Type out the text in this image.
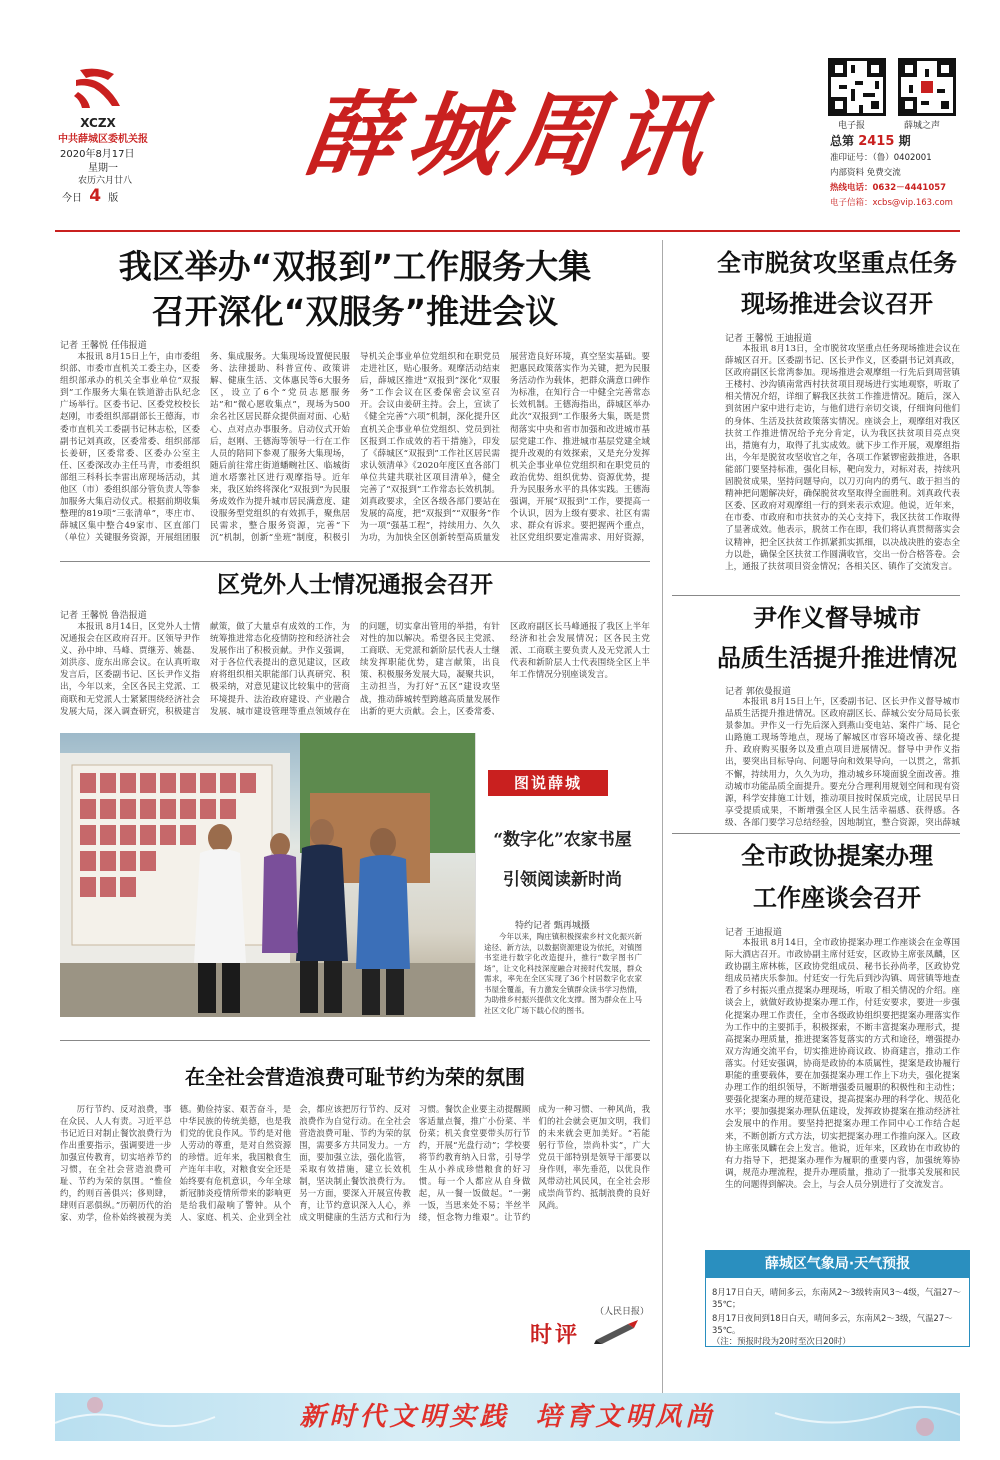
XCZX
中共薛城区委机关报
2020年8月17日
星期一
农历六月廿八
今日 4 版
薛城周讯	电子报	薛城之声
总第 2415 期
准印证号：（鲁）0402001
内部资料 免费交流
热线电话：0632－4441057
电子信箱：xcbs@vip.163.com
我区举办“双报到”工作服务大集
召开深化“双服务”推进会议
记者 王馨悦 任伟报道

本报讯 8月15日上午，由市委组织部、市委市直机关工委主办，区委组织部承办的机关全事业单位“双报到”工作服务大集在铁道游击队纪念广场举行。区委书记、区委党校校长赵刚，市委组织部副部长王德海，市委市直机关工委副书记林志松，区委副书记刘真政，区委常委、组织部部长姜研，区委常委、区委办公室主任、区委深改办主任马青，市委组织部组三科科长李雷出席现场活动，其他区（市）委组织部分管负责人等参加服务大集启动仪式。根据前期收集整理的819项“三张清单”，枣庄市、薛城区集中整合49家市、区直部门（单位）关键服务资源，开展组团服务、集成服务。大集现场设置便民服务、法律援助、科普宣传、政策讲解、健康生活、文体惠民等6大服务区，设立了6个“党员志愿服务站”和“微心愿收集点”，现场为500余名社区居民群众提供面对面、心贴心、点对点办事服务。启动仪式开始后，赵刚、王德海等领导一行在工作人员的陪同下参观了服务大集现场，随后前往常庄街道蟠畹社区、临城街道水塔寨社区进行观摩指导。近年来，我区始终将深化“双报到”为民服务成效作为提升城市居民满意度、建设服务型党组织的有效抓手，聚焦居民需求，整合服务资源，完善“下沉”机制，创新“坐班”制度，积极引导机关企事业单位党组织和在职党员走进社区，贴心服务。观摩活动结束后，薛城区推进“双报到”深化“双服务”工作会议在区委保密会议室召开。会议由姜研主持。会上，宣读了《健全完善“六项”机制，深化提升区直机关企事业单位党组织、党员到社区报到工作成效的若干措施》，印发了《薛城区“双报到”工作社区居民需求认领清单》《2020年度区直各部门单位共建共联社区项目清单》，健全完善了“双报到”工作常态长效机制。刘真政要求，全区各级各部门要站在发展的高度，把“双报到”“双服务”作为一项“强基工程”，持续用力、久久为功，为加快全区创新转型高质量发展营造良好环境，真空坚实基础。要把惠民政策落实作为关键，把为民服务活动作为载体，把群众满意口碑作为标准，在知行合一中健全完善常态长效机制。王德海指出，薛城区举办此次“双报到”工作服务大集，既是贯彻落实中央和省市加强和改进城市基层党建工作、推进城市基层党建全域提升改观的有效探索，又是充分发挥机关企事业单位党组织和在职党员的政治优势、组织优势、资源优势，提升为民服务水平的具体实践。王德海强调，开展“双报到”工作，要提高一个认识，因为上级有要求、社区有需求、群众有诉求。要把握两个重点，社区党组织要定准需求、用好资源，

区党外人士情况通报会召开
记者 王馨悦 鲁浩报道

本报讯 8月14日，区党外人士情况通报会在区政府召开。区领导尹作义、孙中坤、马峰、贾继芳、姚磊、刘洪彦、庞东出席会议。在认真听取发言后，区委副书记、区长尹作义指出，今年以来，全区各民主党派、工商联和无党派人士紧紧围绕经济社会发展大局，深入调查研究，积极建言献策，做了大量卓有成效的工作，为统筹推进常态化疫情防控和经济社会发展作出了积极贡献。尹作义强调，对于各位代表提出的意见建议，区政府将组织相关职能部门认真研究、积极采纳，对意见建议比较集中的营商环境提升、法治政府建设、产业融合发展、城市建设管理等重点领域存在的问题，切实拿出管用的举措，有针对性的加以解决。希望各民主党派、工商联、无党派和新阶层代表人士继续发挥职能优势，建言献策，出良策、积极服务发展大局，凝聚共识，主动担当，为打好“五区”建设攻坚战，推动薛城转型跨越高质量发展作出新的更大贡献。会上，区委常委、区政府副区长马峰通报了我区上半年经济和社会发展情况；区各民主党派、工商联主要负责人及无党派人士代表和新阶层人士代表围绕全区上半年工作情况分别座谈发言。

图说薛城
“数字化”农家书屋
引领阅读新时尚
特约记者 甄再城摄

今年以来，陶庄镇积极探索乡村文化振兴新途径、新方法，以数据资源建设为依托，对镇图书室进行数字化改造提升，推行“数字图书广场”，让文化科技深度融合对接时代发展，群众需求，率先在全区实现了36个村居数字化农家书屋全覆盖，有力激发全镇群众读书学习热情，为助推乡村振兴提供文化支撑。图为群众在上马社区文化广场下载心仪的图书。

在全社会营造浪费可耻节约为荣的氛围

厉行节约、反对浪费，事在众民、人人有责。习近平总书记近日对制止餐饮浪费行为作出重要指示，强调要进一步加强宣传教育，切实培养节约习惯，在全社会营造浪费可耻、节约为荣的氛围。“惟俭约，约则百善俱兴；侈则肆，肆则百恶俱纵。”历朝历代的治家、劝学，俭朴始终被视为美德。勤俭持家、艰苦奋斗，是中华民族的传统美德，也是我们党的优良作风。节约是对他人劳动的尊重，是对自然资源的珍惜。近年来，我国粮食生产连年丰收，对粮食安全还是始终要有危机意识，今年全球新冠肺炎疫情所带来的影响更是给我们敲响了警钟。从个人、家庭、机关、企业到全社会，都应该把厉行节约、反对浪费作为自觉行动。在全社会营造浪费可耻、节约为荣的氛围，需要多方共同发力。一方面，要加强立法，强化监管，采取有效措施，建立长效机制，坚决制止餐饮浪费行为。另一方面，要深入开展宣传教育，让节约意识深入人心，养成文明健康的生活方式和行为习惯。餐饮企业要主动提醒顾客适量点餐，推广小份菜、半份菜；机关食堂要带头厉行节约，开展“光盘行动”；学校要将节约教育纳入日常，引导学生从小养成珍惜粮食的好习惯。每一个人都应从自身做起，从一餐一饭做起。“一粥一饭，当思来处不易；半丝半缕，恒念物力维艰”。让节约成为一种习惯、一种风尚，我们的社会就会更加文明，我们的未来就会更加美好。“若能躬行节俭，崇尚朴实”，广大党员干部特别是领导干部要以身作则，率先垂范，以优良作风带动社风民风，在全社会形成崇尚节约、抵制浪费的良好风尚。

（人民日报）
时评
全市脱贫攻坚重点任务
现场推进会议召开
记者 王馨悦 王迪报道

本报讯 8月13日，全市脱贫攻坚重点任务现场推进会议在薛城区召开。区委副书记、区长尹作义，区委副书记刘真政，区政府副区长常湾参加。现场推进会观摩组一行先后到周营镇王楼村、沙沟镇南常西村扶贫项目现场进行实地观察，听取了相关情况介绍，详细了解我区扶贫工作推进情况。随后，深入到贫困户家中进行走访，与他们进行亲切交谈，仔细询问他们的身体、生活及扶贫政策落实情况。座谈会上，观摩组对我区扶贫工作推进情况给予充分肯定，认为我区扶贫项目亮点突出，措施有力，取得了扎实成效。就下步工作开展，观摩组指出，今年是脱贫攻坚收官之年，各项工作紧锣密鼓推进，各职能部门要坚持标准，强化目标，靶向发力，对标对表，持续巩固脱贫成果，坚持问题导向，以刀刃向内的勇气、敢于担当的精神把问题解决好，确保脱贫攻坚取得全面胜利。刘真政代表区委、区政府对观摩组一行的到来表示欢迎。他说，近年来，在市委、市政府和市扶贫办的关心支持下，我区扶贫工作取得了显著成效。他表示，脱贫工作在即，我们将认真贯彻落实会议精神，把全区扶贫工作抓紧抓实抓细，以决战决胜的姿态全力以赴，确保全区扶贫工作圆满收官，交出一份合格答卷。会上，通报了扶贫项目资金情况；各相关区、镇作了交流发言。

尹作义督导城市
品质生活提升推进情况
记者 郭依曼报道

本报讯 8月15日上午，区委副书记、区长尹作义督导城市品质生活提升推进情况。区政府副区长、薛城公安分局局长张景参加。尹作义一行先后深入到燕山变电站、案件广场、昆仑山路施工现场等地点，现场了解城区市容环境改善、绿化提升、政府购买服务以及重点项目进展情况。督导中尹作义指出，要突出目标导向、问题导向和效果导向，一以贯之，常抓不懈，持续用力，久久为功，推动城乡环境面貌全面改善。推动城市功能品质全面提升。要充分合理利用规划空间和现有资源，科学安排施工计划，推动项目按时保质完成，让居民早日享受提质成果，不断增强全区人民生活幸福感、获得感。各级、各部门要学习总结经验，因地制宜，整合资源，突出薛城

全市政协提案办理
工作座谈会召开
记者 王迪报道

本报讯 8月14日，全市政协提案办理工作座谈会在金尊国际大酒店召开。市政协副主席付廷安，区政协主席张凤麟，区政协副主席林栋，区政协党组成员、秘书长孙尚孝，区政协党组成员褚庆乐参加。付廷安一行先后到沙沟镇、周营镇等地查看了乡村振兴重点提案办理现场，听取了相关情况的介绍。座谈会上，就做好政协提案办理工作，付廷安要求，要进一步强化提案办理工作责任，全市各级政协组织要把提案办理落实作为工作中的主要抓手，积极探索，不断丰富提案办理形式，提高提案办理质量，推进提案答复落实的方式和途径，增强提办双方沟通交流平台，切实推进协商议政、协商建言，推动工作落实。付廷安强调，协商是政协的本质属性，提案是政协履行职能的重要载体，要在加强提案办理工作上下功夫，强化提案办理工作的组织领导，不断增强委员履职的积极性和主动性；要强化提案办理的规范建设，提高提案办理的科学化、规范化水平；要加强提案办理队伍建设，发挥政协提案在推动经济社会发展中的作用。要坚持把提案办理工作同中心工作结合起来，不断创新方式方法，切实把提案办理工作推向深入。区政协主席张凤麟在会上发言。他说，近年来，区政协在市政协的有力指导下，把提案办理作为履职的重要内容，加强统筹协调，规范办理流程，提升办理质量，推动了一批事关发展和民生的问题得到解决。会上，与会人员分别进行了交流发言。

薛城区气象局·天气预报
8月17日白天，晴间多云，东南风2～3级转南风3～4级，气温27～35℃；
8月17日夜间到18日白天，晴间多云，东南风2～3级，气温27～35℃。
（注：预报时段为20时至次日20时）
新时代文明实践  培育文明风尚
